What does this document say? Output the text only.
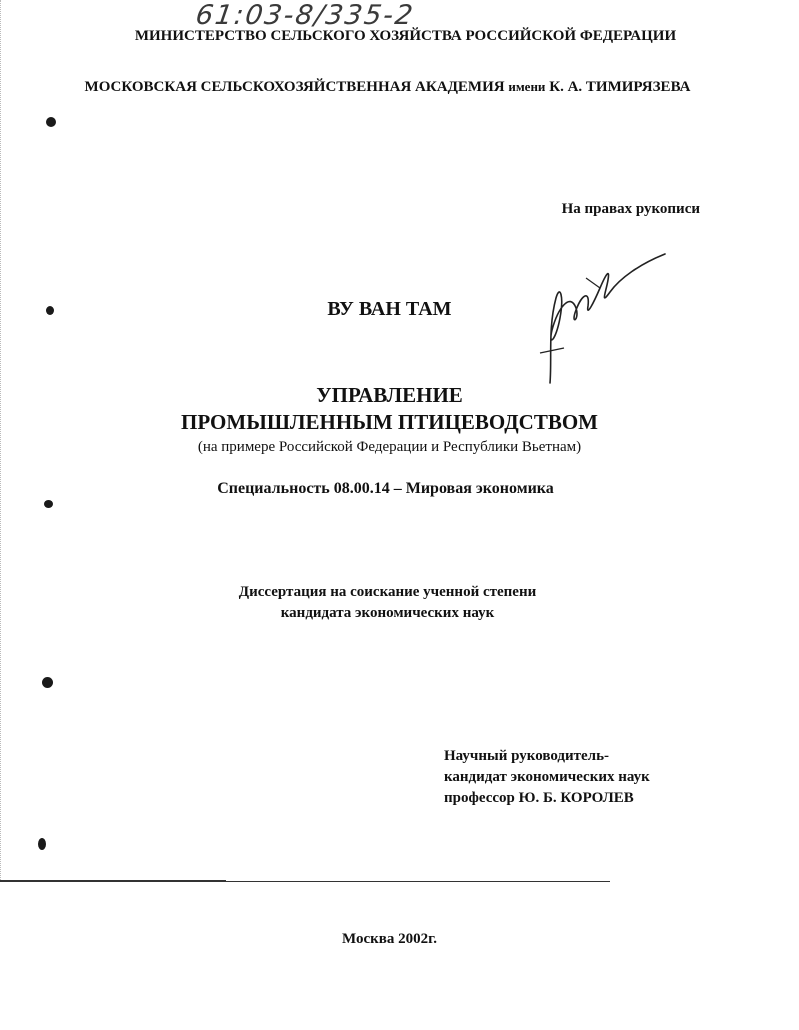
61:03-8/335-2
МИНИСТЕРСТВО СЕЛЬСКОГО ХОЗЯЙСТВА РОССИЙСКОЙ ФЕДЕРАЦИИ
МОСКОВСКАЯ СЕЛЬСКОХОЗЯЙСТВЕННАЯ АКАДЕМИЯ имени К. А. ТИМИРЯЗЕВА
На правах рукописи
ВУ ВАН ТАМ
УПРАВЛЕНИЕ
ПРОМЫШЛЕННЫМ ПТИЦЕВОДСТВОМ
(на примере Российской Федерации и Республики Вьетнам)
Специальность 08.00.14 – Мировая экономика
Диссертация на соискание ученной степени
кандидата экономических наук
Научный руководитель-
кандидат экономических наук
профессор Ю. Б. КОРОЛЕВ
Москва 2002г.
